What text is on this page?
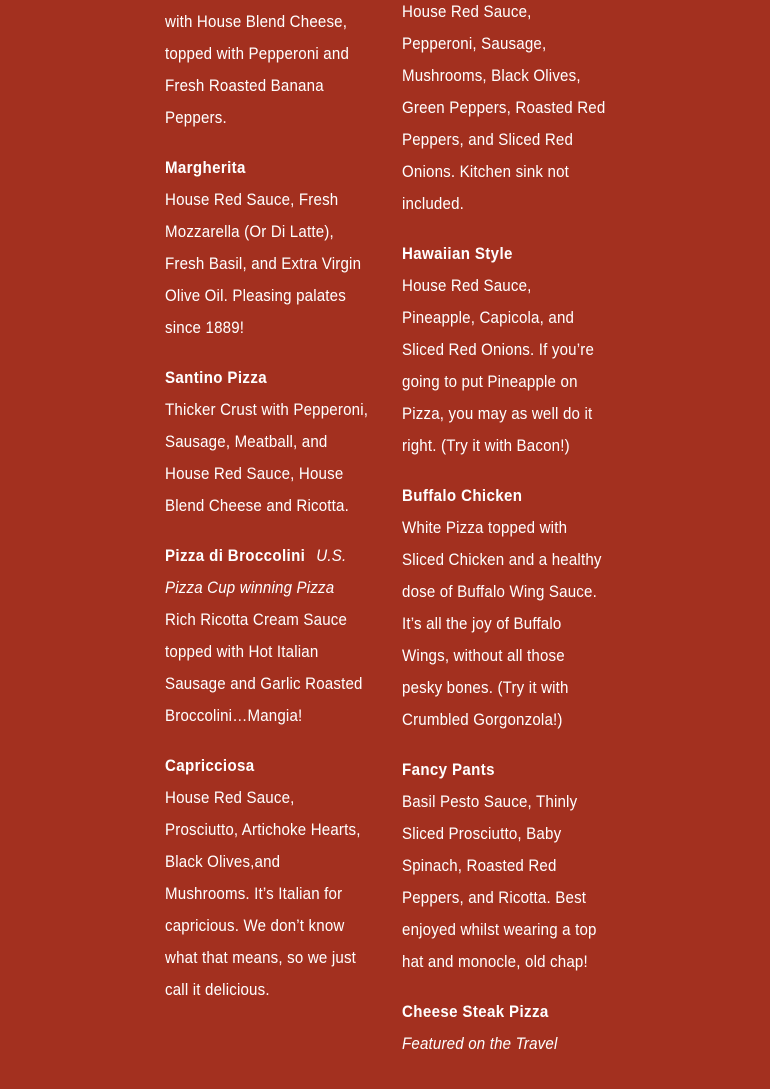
with House Blend Cheese, topped with Pepperoni and Fresh Roasted Banana Peppers.

Margherita

House Red Sauce, Fresh Mozzarella (Or Di Latte), Fresh Basil, and Extra Virgin Olive Oil. Pleasing palates since 1889!

Santino Pizza

Thicker Crust with Pepperoni, Sausage, Meatball, and House Red Sauce, House Blend Cheese and Ricotta.

Pizza di Broccolini U.S. Pizza Cup winning Pizza

Rich Ricotta Cream Sauce topped with Hot Italian Sausage and Garlic Roasted Broccolini…Mangia!

Capricciosa

House Red Sauce, Prosciutto, Artichoke Hearts, Black Olives,and Mushrooms. It’s Italian for capricious. We don’t know what that means, so we just call it delicious.

House Red Sauce, Pepperoni, Sausage, Mushrooms, Black Olives, Green Peppers, Roasted Red Peppers, and Sliced Red Onions. Kitchen sink not included.

Hawaiian Style

House Red Sauce, Pineapple, Capicola, and Sliced Red Onions. If you’re going to put Pineapple on Pizza, you may as well do it right. (Try it with Bacon!)

Buffalo Chicken

White Pizza topped with Sliced Chicken and a healthy dose of Buffalo Wing Sauce. It’s all the joy of Buffalo Wings, without all those pesky bones. (Try it with Crumbled Gorgonzola!)

Fancy Pants

Basil Pesto Sauce, Thinly Sliced Prosciutto, Baby Spinach, Roasted Red Peppers, and Ricotta. Best enjoyed whilst wearing a top hat and monocle, old chap!

Cheese Steak Pizza

Featured on the Travel
